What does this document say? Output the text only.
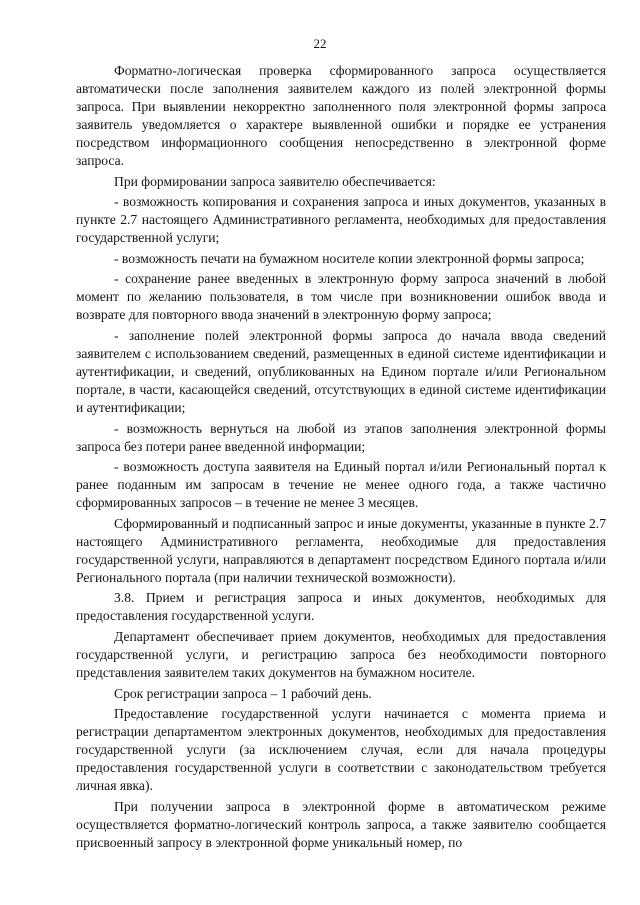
22

Форматно-логическая проверка сформированного запроса осуществляется автоматически после заполнения заявителем каждого из полей электронной формы запроса. При выявлении некорректно заполненного поля электронной формы запроса заявитель уведомляется о характере выявленной ошибки и порядке ее устранения посредством информационного сообщения непосредственно в электронной форме запроса.

При формировании запроса заявителю обеспечивается:

- возможность копирования и сохранения запроса и иных документов, указанных в пункте 2.7 настоящего Административного регламента, необходимых для предоставления государственной услуги;

- возможность печати на бумажном носителе копии электронной формы запроса;

- сохранение ранее введенных в электронную форму запроса значений в любой момент по желанию пользователя, в том числе при возникновении ошибок ввода и возврате для повторного ввода значений в электронную форму запроса;

- заполнение полей электронной формы запроса до начала ввода сведений заявителем с использованием сведений, размещенных в единой системе идентификации и аутентификации, и сведений, опубликованных на Едином портале и/или Региональном портале, в части, касающейся сведений, отсутствующих в единой системе идентификации и аутентификации;

- возможность вернуться на любой из этапов заполнения электронной формы запроса без потери ранее введенной информации;

- возможность доступа заявителя на Единый портал и/или Региональный портал к ранее поданным им запросам в течение не менее одного года, а также частично сформированных запросов – в течение не менее 3 месяцев.

Сформированный и подписанный запрос и иные документы, указанные в пункте 2.7 настоящего Административного регламента, необходимые для предоставления государственной услуги, направляются в департамент посредством Единого портала и/или Регионального портала (при наличии технической возможности).

3.8. Прием и регистрация запроса и иных документов, необходимых для предоставления государственной услуги.

Департамент обеспечивает прием документов, необходимых для предоставления государственной услуги, и регистрацию запроса без необходимости повторного представления заявителем таких документов на бумажном носителе.

Срок регистрации запроса – 1 рабочий день.

Предоставление государственной услуги начинается с момента приема и регистрации департаментом электронных документов, необходимых для предоставления государственной услуги (за исключением случая, если для начала процедуры предоставления государственной услуги в соответствии с законодательством требуется личная явка).

При получении запроса в электронной форме в автоматическом режиме осуществляется форматно-логический контроль запроса, а также заявителю сообщается присвоенный запросу в электронной форме уникальный номер, по
